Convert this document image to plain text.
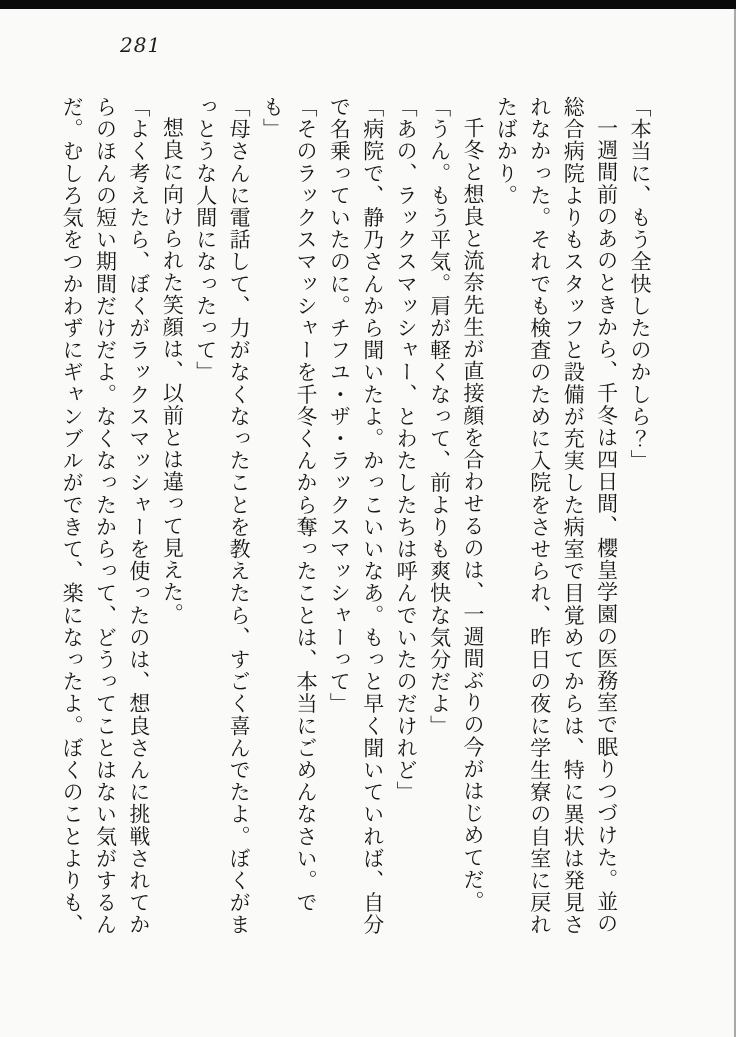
281

「本当に、もう全快したのかしら？」

一週間前のあのときから、千冬は四日間、櫻皇学園の医務室で眠りつづけた。並の総合病院よりもスタッフと設備が充実した病室で目覚めてからは、特に異状は発見されなかった。それでも検査のために入院をさせられ、昨日の夜に学生寮の自室に戻れたばかり。

千冬と想良と流奈先生が直接顔を合わせるのは、一週間ぶりの今がはじめてだ。

「うん。もう平気。肩が軽くなって、前よりも爽快な気分だよ」

「あの、ラックスマッシャー、とわたしたちは呼んでいたのだけれど」

「病院で、静乃さんから聞いたよ。かっこいいなあ。もっと早く聞いていれば、自分で名乗っていたのに。チフユ・ザ・ラックスマッシャーって」

「そのラックスマッシャーを千冬くんから奪ったことは、本当にごめんなさい。でも」

「母さんに電話して、力がなくなったことを教えたら、すごく喜んでたよ。ぼくがまっとうな人間になったって」

想良に向けられた笑顔は、以前とは違って見えた。

「よく考えたら、ぼくがラックスマッシャーを使ったのは、想良さんに挑戦されてからのほんの短い期間だけだよ。なくなったからって、どうってことはない気がするんだ。むしろ気をつかわずにギャンブルができて、楽になったよ。ぼくのことよりも、
